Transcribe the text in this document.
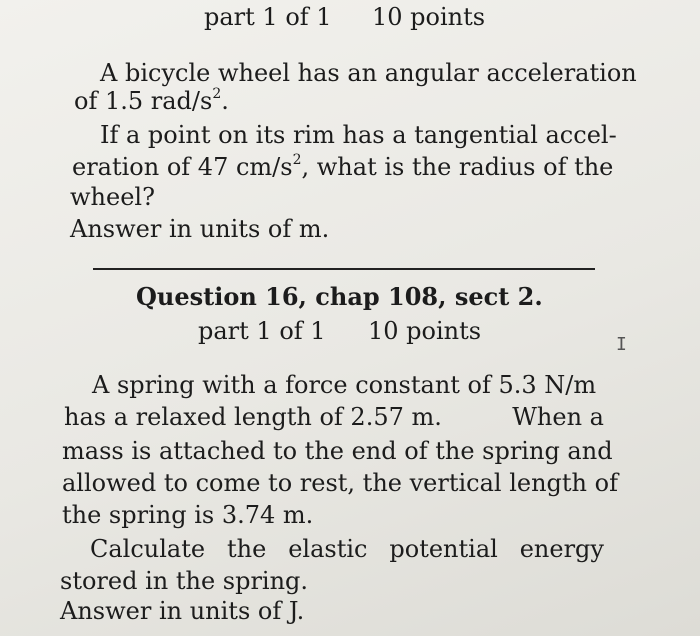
part 1 of 1 10 points
A bicycle wheel has an angular acceleration
of 1.5 rad/$s^2$.
If a point on its rim has a tangential accel-
eration of 47 $cm/s^2$, what is the radius of the
wheel?
Answer in units of m.
Question 16, chap 108, sect 2.
part 1 of 1 10 points	I
A spring with a force constant of 5.3 N/m
has a relaxed length of 2.57 m.	When a
mass is attached to the end of the spring and
allowed to come to rest, the vertical length of
the spring is 3.74 m.
Calculate the elastic potential energy
stored in the spring.
Answer in units of J.
